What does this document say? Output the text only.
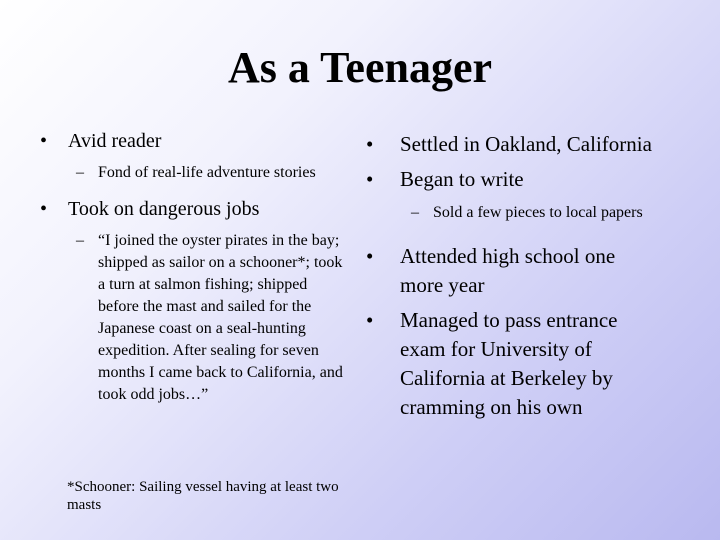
As a Teenager
• Avid reader
– Fond of real-life adventure stories
• Took on dangerous jobs
– “I joined the oyster pirates in the bay; shipped as sailor on a schooner*; took a turn at salmon fishing; shipped before the mast and sailed for the Japanese coast on a seal-hunting expedition. After sealing for seven months I came back to California, and took odd jobs…”
*Schooner: Sailing vessel having at least two masts
• Settled in Oakland, California
• Began to write
– Sold a few pieces to local papers
• Attended high school one more year
• Managed to pass entrance exam for University of California at Berkeley by cramming on his own
